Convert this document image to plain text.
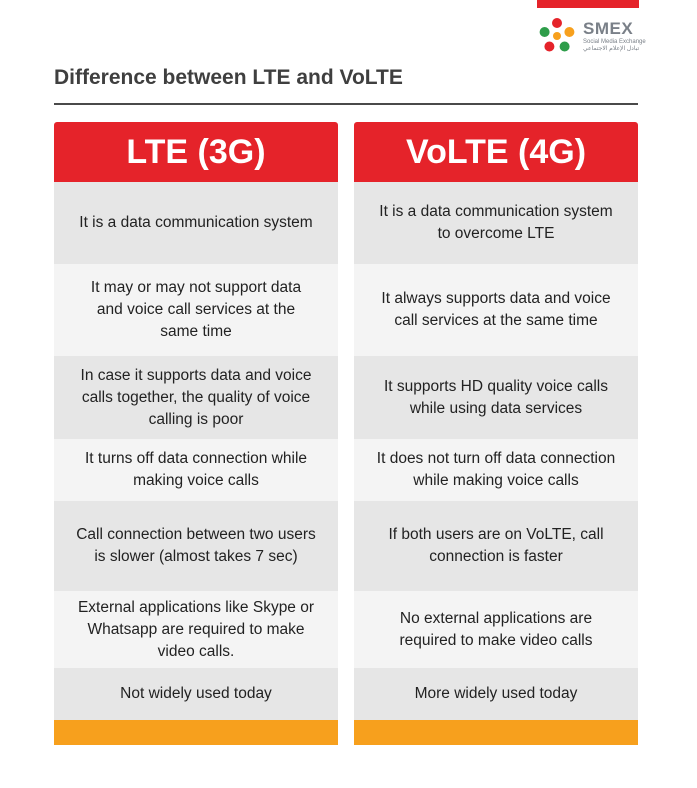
SMEX
Social Media Exchange
تبادل الإعلام الاجتماعي
Difference between LTE and VoLTE
LTE (3G)
It is a data communication system
It may or may not support data and voice call services at the same time
In case it supports data and voice calls together, the quality of voice calling is poor
It turns off data connection while making voice calls
Call connection between two users is slower (almost takes 7 sec)
External applications like Skype or Whatsapp are required to make video calls.
Not widely used today
VoLTE (4G)
It is a data communication system to overcome LTE
It always supports data and voice call services at the same time
It supports HD quality voice calls while using data services
It does not turn off data connection while making voice calls
If both users are on VoLTE, call connection is faster
No external applications are required to make video calls
More widely used today
